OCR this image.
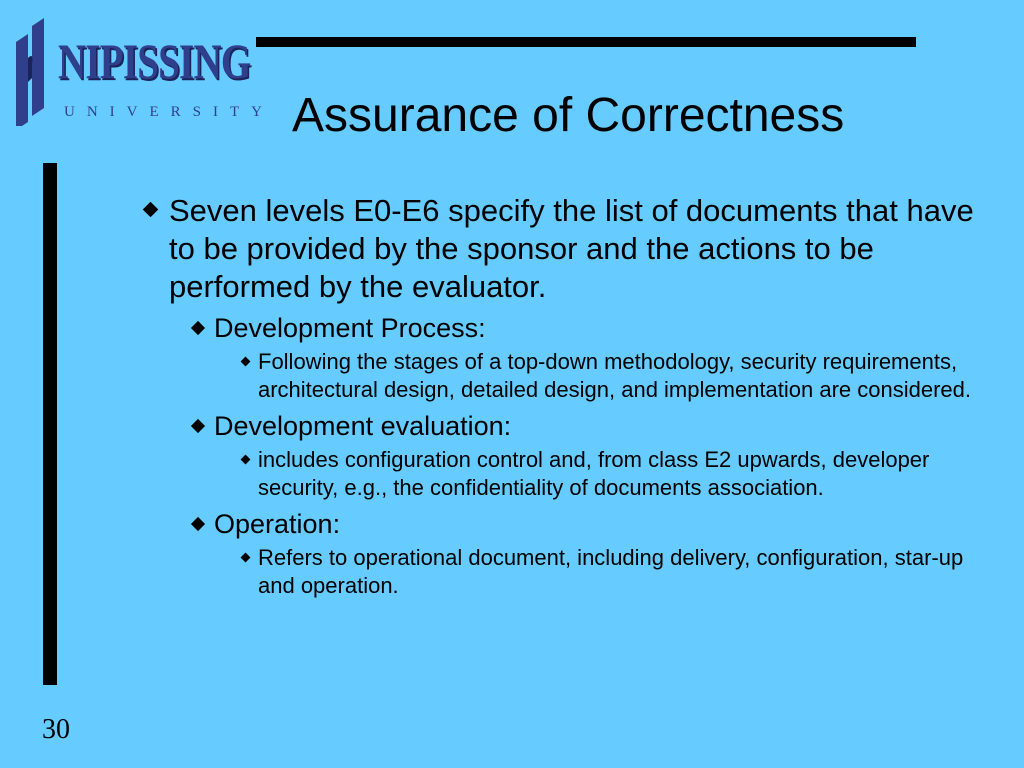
NIPISSING
UNIVERSITY Assurance of Correctness
Seven levels E0-E6 specify the list of documents that have to be provided by the sponsor and the actions to be performed by the evaluator.
Development Process:
Following the stages of a top-down methodology, security requirements, architectural design, detailed design, and implementation are considered.
Development evaluation:
includes configuration control and, from class E2 upwards, developer security, e.g., the confidentiality of documents association.
Operation:
Refers to operational document, including delivery, configuration, star-up and operation.
30
